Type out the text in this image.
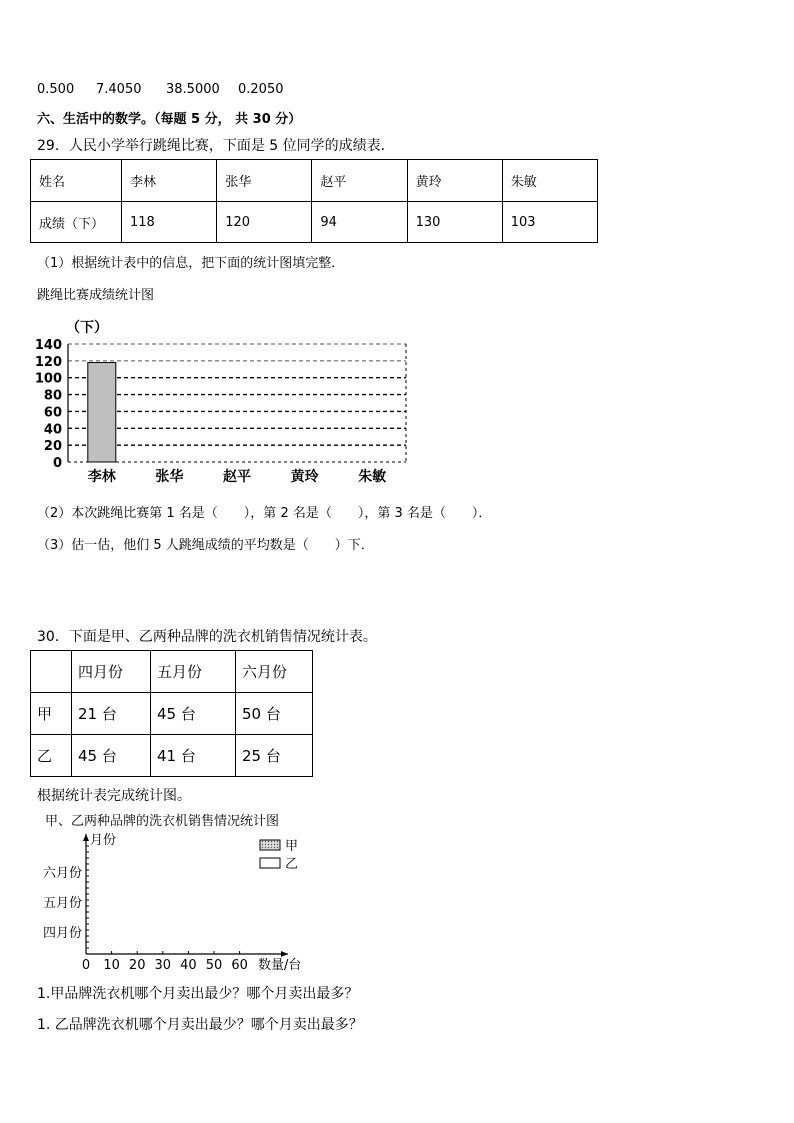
0.500 7.4050 38.5000 0.2050
六、生活中的数学。（每题 5 分， 共 30 分）
29．人民小学举行跳绳比赛，下面是 5 位同学的成绩表．
姓名	李林	张华	赵平	黄玲	朱敏
成绩（下）	118	120	94	130	103
（1）根据统计表中的信息，把下面的统计图填完整．
跳绳比赛成绩统计图
（下）
0
20
40
60
80
100
120
140
李林	张华	赵平	黄玲	朱敏
（2）本次跳绳比赛第 1 名是（　　），第 2 名是（　　），第 3 名是（　　）．
（3）估一估，他们 5 人跳绳成绩的平均数是（　　）下．
30．下面是甲、乙两种品牌的洗衣机销售情况统计表。
	四月份	五月份	六月份
甲	21 台	45 台	50 台
乙	45 台	41 台	25 台
根据统计表完成统计图。
甲、乙两种品牌的洗衣机销售情况统计图
月份
0 10 20 30 40 50 60 数量/台
六月份
五月份
四月份
甲
乙
1.甲品牌洗衣机哪个月卖出最少？哪个月卖出最多？
1. 乙品牌洗衣机哪个月卖出最少？哪个月卖出最多？
